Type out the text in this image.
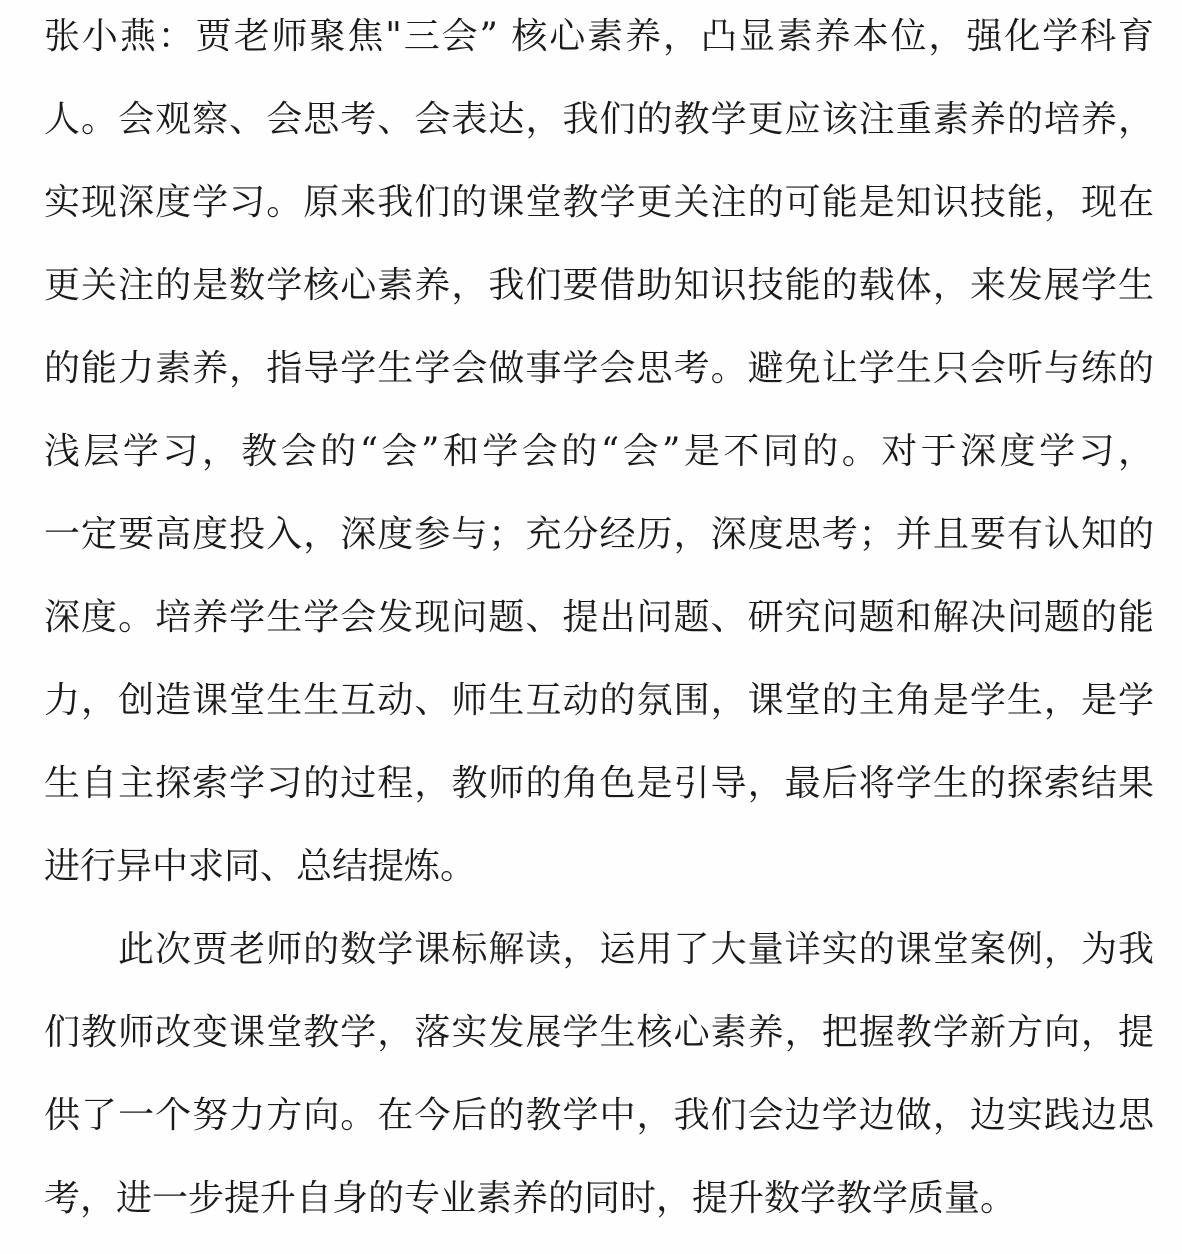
张小燕：贾老师聚焦"三会” 核心素养，凸显素养本位，强化学科育
人。会观察、会思考、会表达，我们的教学更应该注重素养的培养，
实现深度学习。原来我们的课堂教学更关注的可能是知识技能，现在
更关注的是数学核心素养，我们要借助知识技能的载体，来发展学生
的能力素养，指导学生学会做事学会思考。避免让学生只会听与练的
浅层学习，教会的“会”和学会的“会”是不同的。对于深度学习，
一定要高度投入，深度参与；充分经历，深度思考；并且要有认知的
深度。培养学生学会发现问题、提出问题、研究问题和解决问题的能
力，创造课堂生生互动、师生互动的氛围，课堂的主角是学生，是学
生自主探索学习的过程，教师的角色是引导，最后将学生的探索结果
进行异中求同、总结提炼。
此次贾老师的数学课标解读，运用了大量详实的课堂案例，为我
们教师改变课堂教学，落实发展学生核心素养，把握教学新方向，提
供了一个努力方向。在今后的教学中，我们会边学边做，边实践边思
考，进一步提升自身的专业素养的同时，提升数学教学质量。
